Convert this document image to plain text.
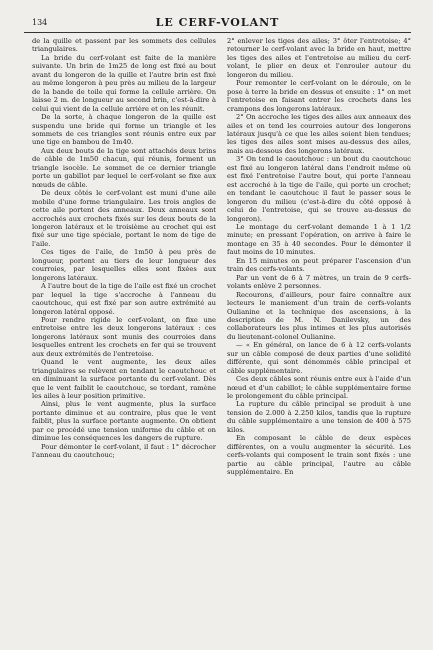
134	LE CERF-VOLANT

de la quille et passent par les sommets des cellules triangulaires.

La bride du cerf-volant est faite de la manière suivante. Un brin de 1m25 de long est fixé au bout avant du longeron de la quille et l'autre brin est fixé au même longeron à peu près au milieu de la largeur de la bande de toile qui forme la cellule arrière. On laisse 2 m. de longueur au second brin, c'est-à-dire à celui qui vient de la cellule arrière et on les réunit.

De la sorte, à chaque longeron de la quille est suspendu une bride qui forme un triangle et les sommets de ces triangles sont réunis entre eux par une tige en bambou de 1m40.

Aux deux bouts de la tige sont attachés deux brins de câble de 1m50 chacun, qui réunis, forment un triangle isocèle. Le sommet de ce dernier triangle porte un gabillot par lequel le cerf-volant se fixe aux nœuds de câble.

De deux côtés le cerf-volant est muni d'une aile mobile d'une forme triangulaire. Les trois angles de cette aile portent des anneaux. Deux anneaux sont accrochés aux crochets fixés sur les deux bouts de la longeron latéraux et le troisième au crochet qui est fixé sur une tige spéciale, portant le nom de tige de l'aile.

Ces tiges de l'aile, de 1m50 à peu près de longueur, portent au tiers de leur longueur des courroies, par lesquelles elles sont fixées aux longerons latéraux.

A l'autre bout de la tige de l'aile est fixé un crochet par lequel la tige s'accroche à l'anneau du caoutchouc, qui est fixé par son autre extrémité au longeron latéral opposé.

Pour rendre rigide le cerf-volant, on fixe une entretoise entre les deux longerons latéraux : ces longerons latéraux sont munis des courroies dans lesquelles entrent les crochets en fer qui se trouvent aux deux extrémités de l'entretoise.

Quand le vent augmente, les deux ailes triangulaires se relèvent en tendant le caoutchouc et en diminuant la surface portante du cerf-volant. Dès que le vent faiblit le caoutchouc, se tordant, ramène les ailes à leur position primitive.

Ainsi, plus le vent augmente, plus la surface portante diminue et au contraire, plus que le vent faiblit, plus la surface portante augmente. On obtient par ce procédé une tension uniforme du câble et on diminue les conséquences les dangers de rupture.

Pour démonter le cerf-volant, il faut : 1° décrocher l'anneau du caoutchouc;

2° enlever les tiges des ailes; 3° ôter l'entretoise; 4° retourner le cerf-volant avec la bride en haut, mettre les tiges des ailes et l'entretoise au milieu du cerf-volant, le plier en deux et l'enrouler autour du longeron du milieu.

Pour remonter le cerf-volant on le déroule, on le pose à terre la bride en dessus et ensuite : 1° on met l'entretoise en faisant entrer les crochets dans les crampons des longerons latéraux.

2° On accroche les tiges des ailes aux anneaux des ailes et on tend les courroies autour des longerons latéraux jusqu'à ce que les ailes soient bien tendues; les tiges des ailes sont mises au-dessus des ailes, mais au-dessous des longerons latéraux.

3° On tend le caoutchouc : un bout du caoutchouc est fixé au longeron latéral dans l'endroit même où est fixé l'entretoise l'autre bout, qui porte l'anneau est accroché à la tige de l'aile, qui porte un crochet; en tendant le caoutchouc il faut le passer sous le longeron du milieu (c'est-à-dire du côté opposé à celui de l'entretoise, qui se trouve au-dessus de longeron).

Le montage du cerf-volant demande 1 à 1 1/2 minute; en pressant l'opération, on arrive à faire le montage en 35 à 40 secondes. Pour le démonter il faut moins de 10 minutes.

En 15 minutes on peut préparer l'ascension d'un train des cerfs-volants.

Par un vent de 6 à 7 mètres, un train de 9 cerfs-volants enlève 2 personnes.

Recourons, d'ailleurs, pour faire connaître aux lecteurs le maniement d'un train de cerfs-volants Oulianine et la technique des ascensions, à la description de M. N. Danilevsky, un des collaborateurs les plus intimes et les plus autorisés du lieutenant-colonel Oulianine.

— « En général, on lance de 6 à 12 cerfs-volants sur un câble composé de deux parties d'une solidité différente, qui sont dénommés câble principal et câble supplémentaire.

Ces deux câbles sont réunis entre eux à l'aide d'un nœud et d'un cabillot; le câble supplémentaire forme le prolongement du câble principal.

La rupture du câble principal se produit à une tension de 2.000 à 2.250 kilos, tandis que la rupture du câble supplémentaire a une tension de 400 à 575 kilos.

En composant le câble de deux espèces différentes, on a voulu augmenter la sécurité. Les cerfs-volants qui composent le train sont fixés : une partie au câble principal, l'autre au câble supplémentaire. En
